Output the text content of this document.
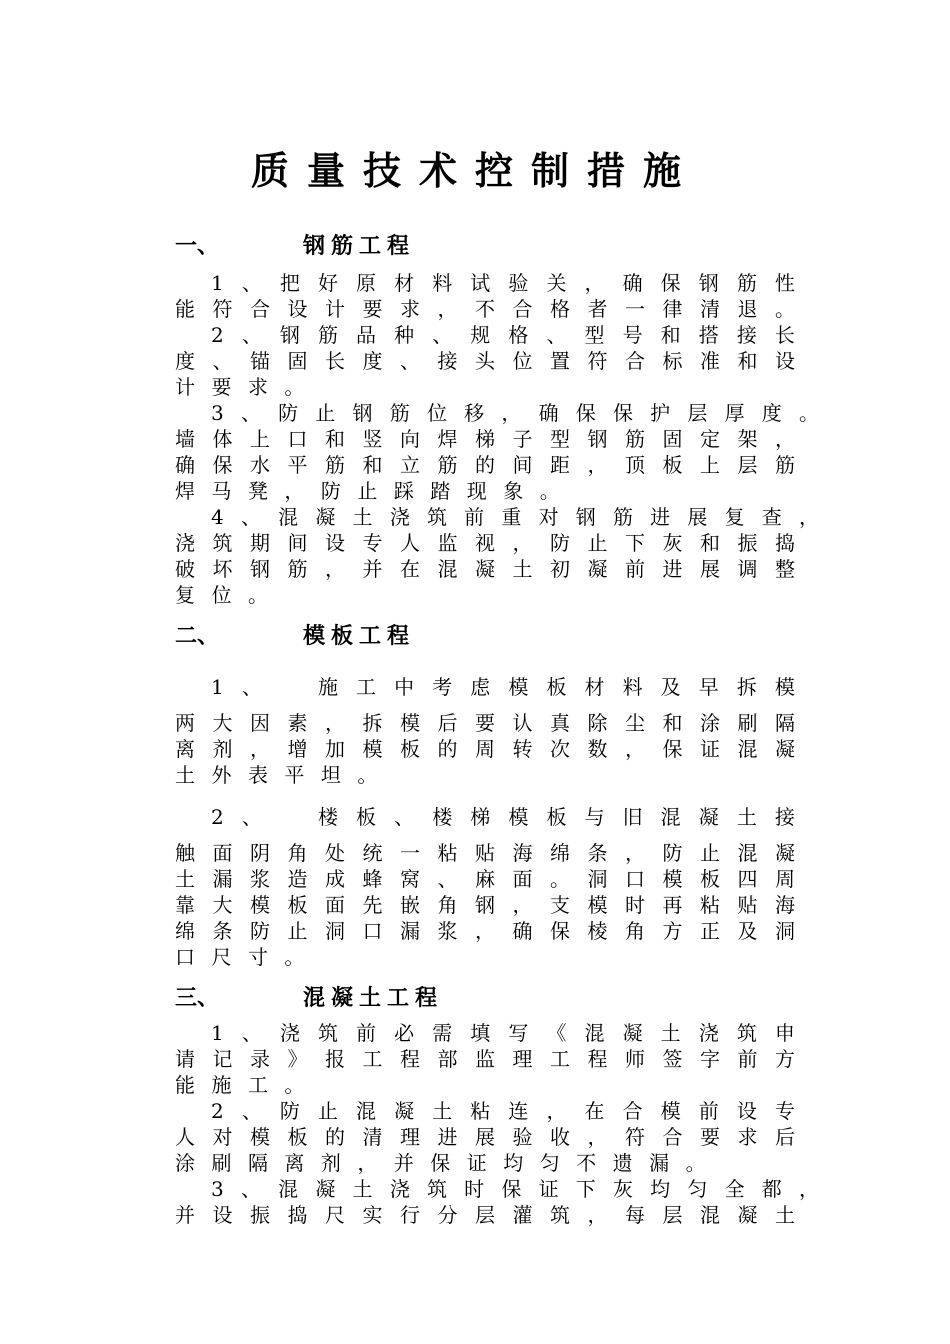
质量技术控制措施
一、	钢筋工程
1 、 把 好 原 材 料 试 验 关 ， 确 保 钢 筋 性
能 符 合 设 计 要 求 ， 不 合 格 者 一 律 清 退 。
2 、 钢 筋 品 种 、 规 格 、 型 号 和 搭 接 长
度 、 锚 固 长 度 、 接 头 位 置 符 合 标 准 和 设
计 要 求 。
3 、 防 止 钢 筋 位 移 ， 确 保 保 护 层 厚 度 。
墙 体 上 口 和 竖 向 焊 梯 子 型 钢 筋 固 定 架 ，
确 保 水 平 筋 和 立 筋 的 间 距 ， 顶 板 上 层 筋
焊 马 凳 ， 防 止 踩 踏 现 象 。
4 、 混 凝 土 浇 筑 前 重 对 钢 筋 进 展 复 查 ，
浇 筑 期 间 设 专 人 监 视 ， 防 止 下 灰 和 振 捣
破 坏 钢 筋 ， 并 在 混 凝 土 初 凝 前 进 展 调 整
复 位 。
二、	模板工程
1 、
　	施 工 中 考 虑 模 板 材 料 及 早 拆 模
两 大 因 素 ， 拆 模 后 要 认 真 除 尘 和 涂 刷 隔
离 剂 ， 增 加 模 板 的 周 转 次 数 ， 保 证 混 凝
土 外 表 平 坦 。
2 、
　	楼 板 、 楼 梯 模 板 与 旧 混 凝 土 接
触 面 阴 角 处 统 一 粘 贴 海 绵 条 ， 防 止 混 凝
土 漏 浆 造 成 蜂 窝 、 麻 面 。 洞 口 模 板 四 周
靠 大 模 板 面 先 嵌 角 钢 ， 支 模 时 再 粘 贴 海
绵 条 防 止 洞 口 漏 浆 ， 确 保 棱 角 方 正 及 洞
口 尺 寸 。
三、	混凝土工程
1 、 浇 筑 前 必 需 填 写 《 混 凝 土 浇 筑 申
请 记 录 》 报 工 程 部 监 理 工 程 师 签 字 前 方
能 施 工 。
2 、 防 止 混 凝 土 粘 连 ， 在 合 模 前 设 专
人 对 模 板 的 清 理 进 展 验 收 ， 符 合 要 求 后
涂 刷 隔 离 剂 ， 并 保 证 均 匀 不 遗 漏 。
3 、 混 凝 土 浇 筑 时 保 证 下 灰 均 匀 全 都 ，
并 设 振 捣 尺 实 行 分 层 灌 筑 ， 每 层 混 凝 土
